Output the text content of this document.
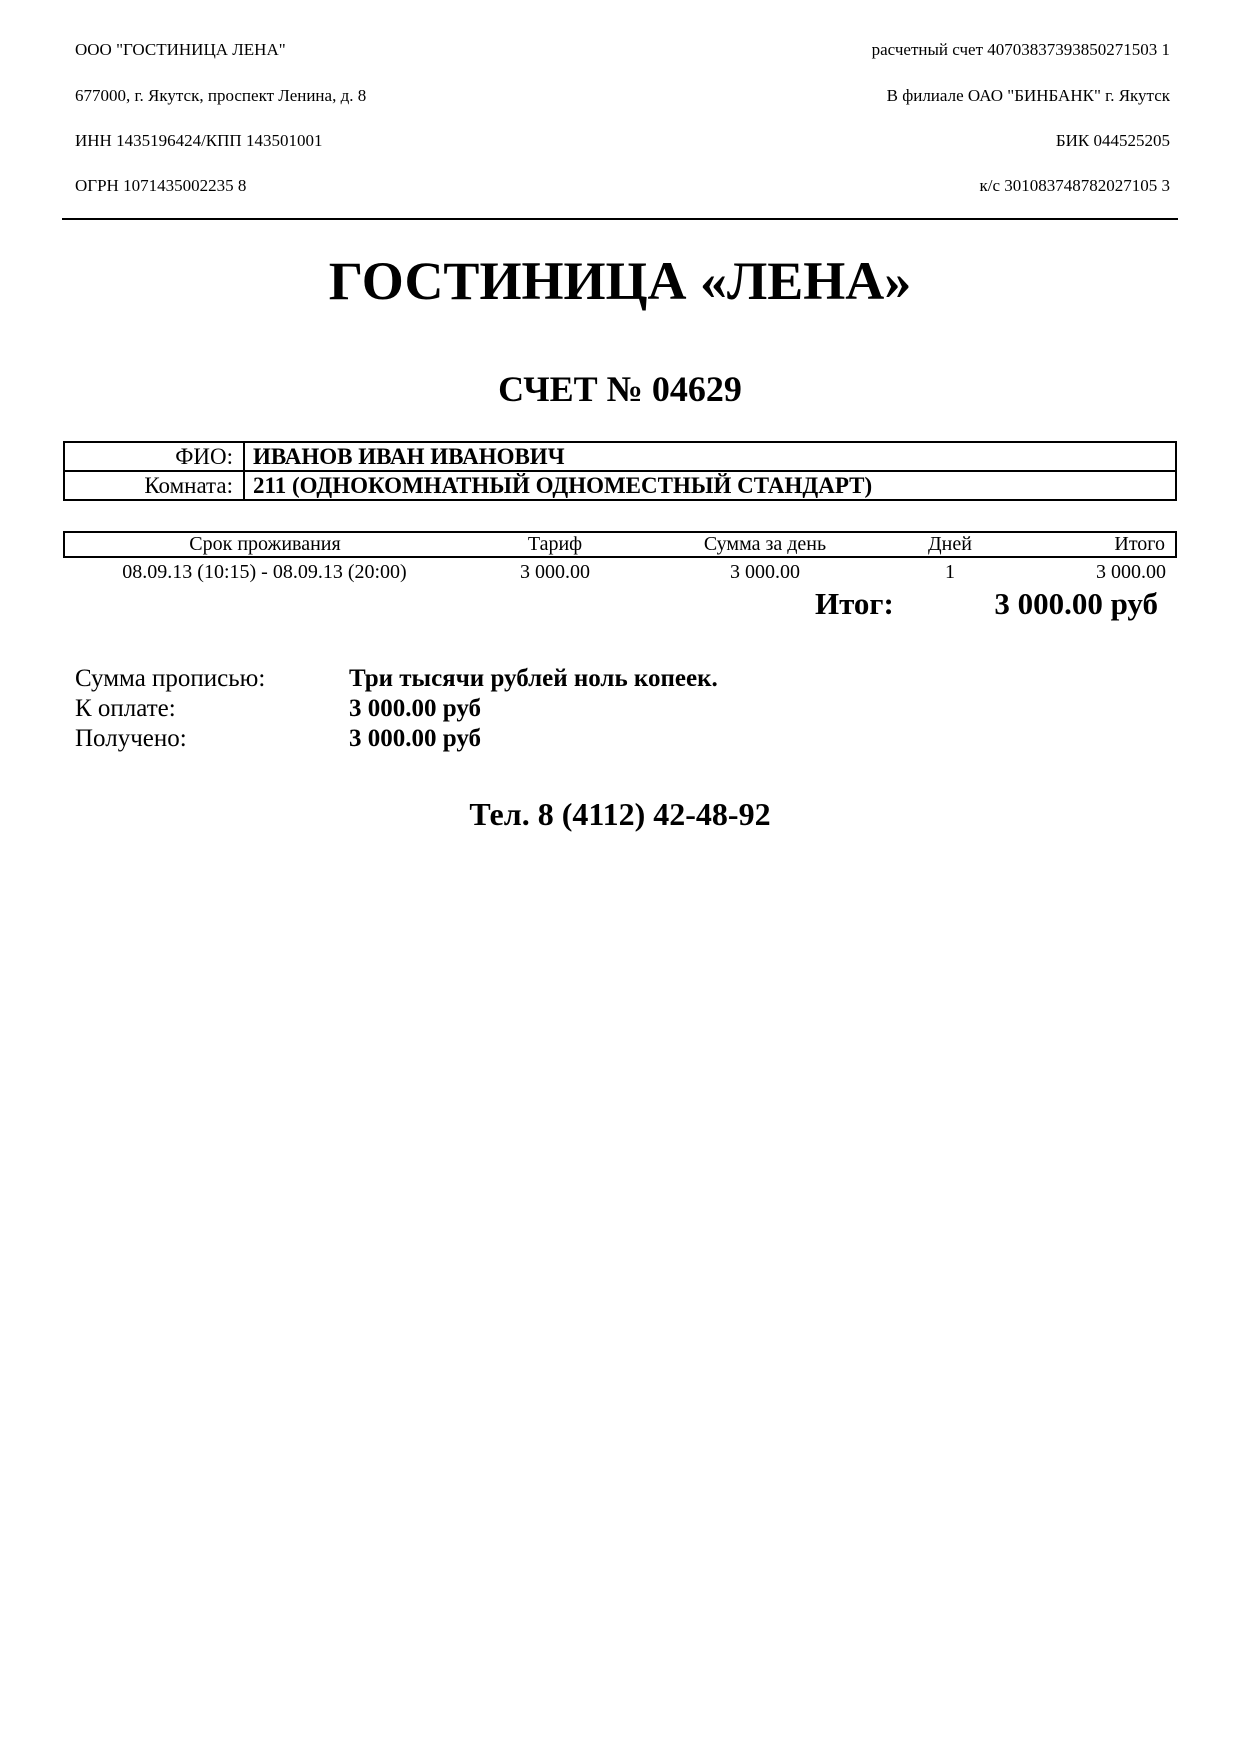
ООО "ГОСТИНИЦА ЛЕНА"
677000, г. Якутск, проспект Ленина, д. 8
ИНН 1435196424/КПП 143501001
ОГРН 1071435002235 8
расчетный счет 40703837393850271503 1
В филиале ОАО "БИНБАНК" г. Якутск
БИК 044525205
к/с 301083748782027105 3
ГОСТИНИЦА «ЛЕНА»
СЧЕТ № 04629
ФИО:	ИВАНОВ ИВАН ИВАНОВИЧ
Комната:	211 (ОДНОКОМНАТНЫЙ ОДНОМЕСТНЫЙ СТАНДАРТ)
Срок проживания	Тариф	Сумма за день	Дней	Итого
08.09.13 (10:15) - 08.09.13 (20:00)	3 000.00	3 000.00	1	3 000.00
Итог:	3 000.00 руб
Сумма прописью:	Три тысячи рублей ноль копеек.
К оплате:	3 000.00 руб
Получено:	3 000.00 руб
Тел. 8 (4112) 42-48-92
